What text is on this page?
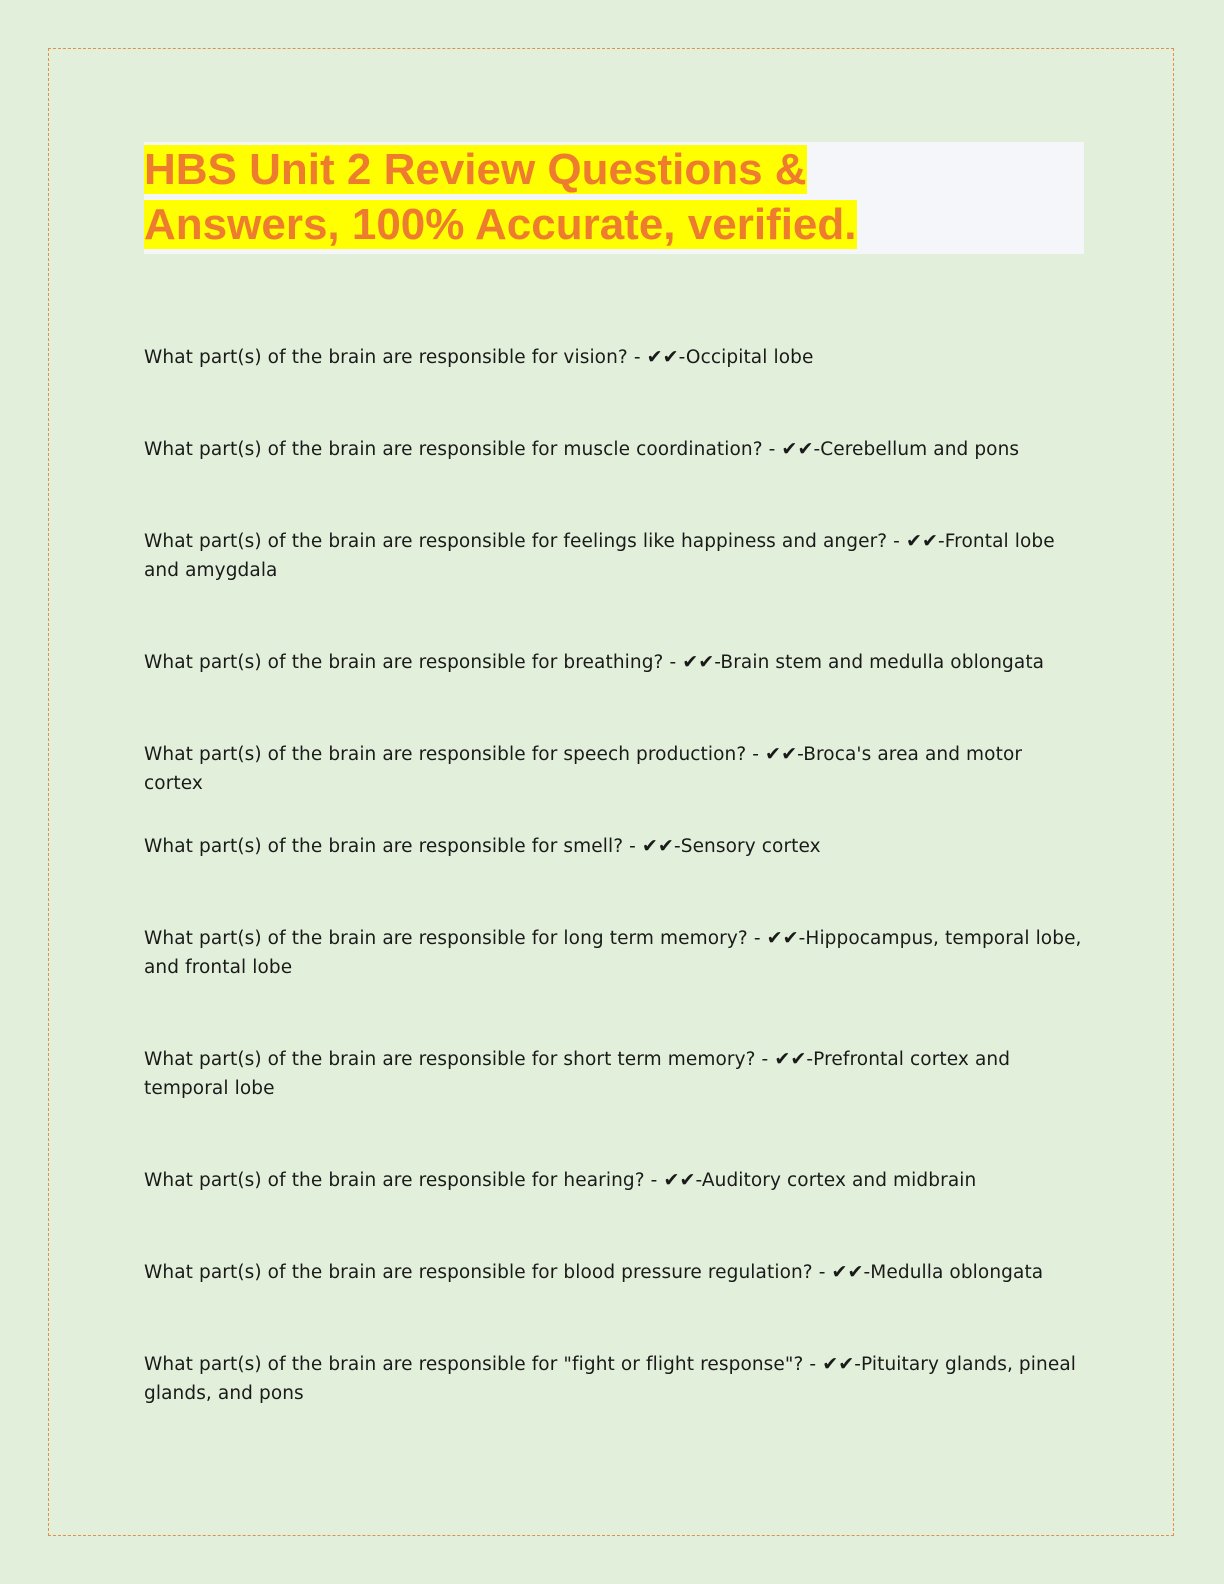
HBS Unit 2 Review Questions & Answers, 100% Accurate, verified.
What part(s) of the brain are responsible for vision? - ✔✔-Occipital lobe
What part(s) of the brain are responsible for muscle coordination? - ✔✔-Cerebellum and pons
What part(s) of the brain are responsible for feelings like happiness and anger? - ✔✔-Frontal lobe and amygdala
What part(s) of the brain are responsible for breathing? - ✔✔-Brain stem and medulla oblongata
What part(s) of the brain are responsible for speech production? - ✔✔-Broca's area and motor cortex
What part(s) of the brain are responsible for smell? - ✔✔-Sensory cortex
What part(s) of the brain are responsible for long term memory? - ✔✔-Hippocampus, temporal lobe, and frontal lobe
What part(s) of the brain are responsible for short term memory? - ✔✔-Prefrontal cortex and temporal lobe
What part(s) of the brain are responsible for hearing? - ✔✔-Auditory cortex and midbrain
What part(s) of the brain are responsible for blood pressure regulation? - ✔✔-Medulla oblongata
What part(s) of the brain are responsible for "fight or flight response"? - ✔✔-Pituitary glands, pineal glands, and pons
